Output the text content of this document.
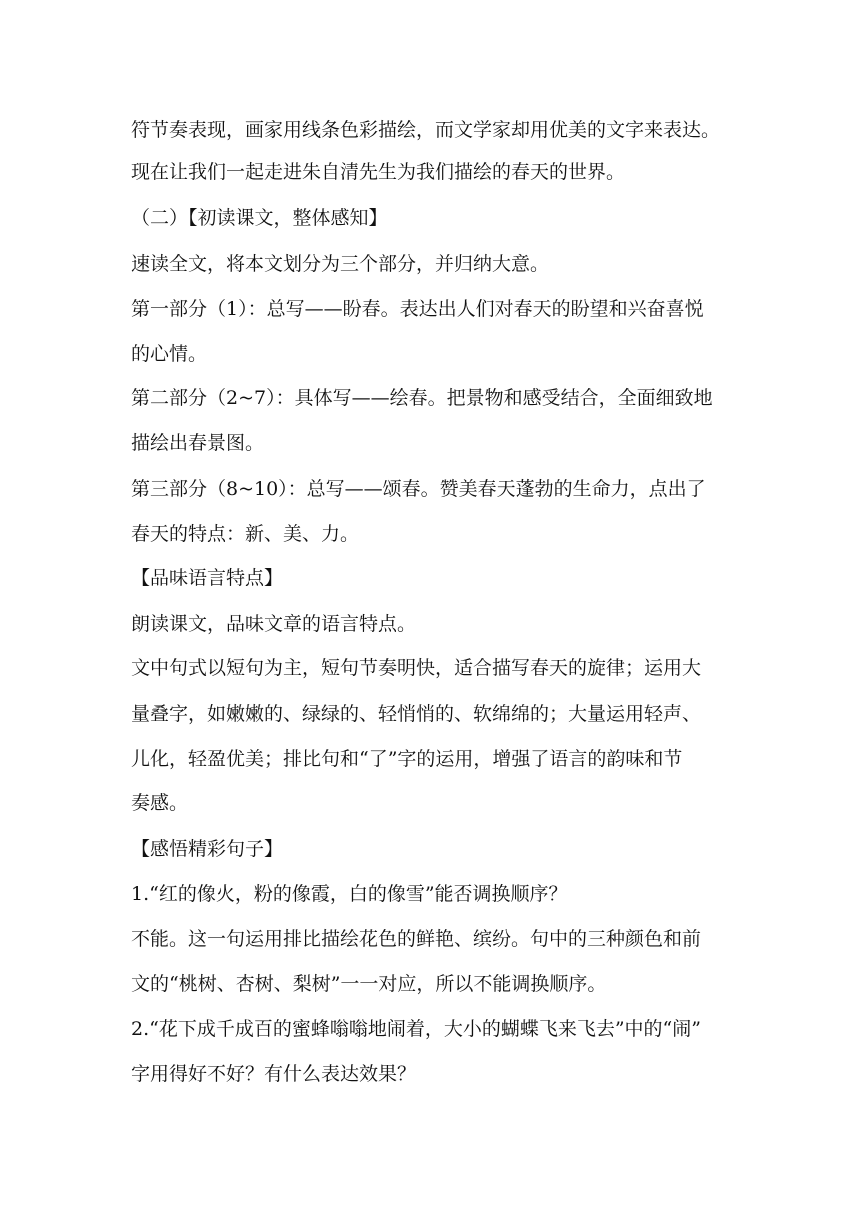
符节奏表现，画家用线条色彩描绘，而文学家却用优美的文字来表达。
现在让我们一起走进朱自清先生为我们描绘的春天的世界。
（二）【初读课文，整体感知】
速读全文，将本文划分为三个部分，并归纳大意。
第一部分（1）：总写——盼春。表达出人们对春天的盼望和兴奋喜悦
的心情。
第二部分（2~7）：具体写——绘春。把景物和感受结合，全面细致地
描绘出春景图。
第三部分（8~10）：总写——颂春。赞美春天蓬勃的生命力，点出了
春天的特点：新、美、力。
【品味语言特点】
朗读课文，品味文章的语言特点。
文中句式以短句为主，短句节奏明快，适合描写春天的旋律；运用大
量叠字，如嫩嫩的、绿绿的、轻悄悄的、软绵绵的；大量运用轻声、
儿化，轻盈优美；排比句和“了”字的运用，增强了语言的韵味和节
奏感。
【感悟精彩句子】
1.“红的像火，粉的像霞，白的像雪”能否调换顺序？
不能。这一句运用排比描绘花色的鲜艳、缤纷。句中的三种颜色和前
文的“桃树、杏树、梨树”一一对应，所以不能调换顺序。
2.“花下成千成百的蜜蜂嗡嗡地闹着，大小的蝴蝶飞来飞去”中的“闹”
字用得好不好？有什么表达效果？
